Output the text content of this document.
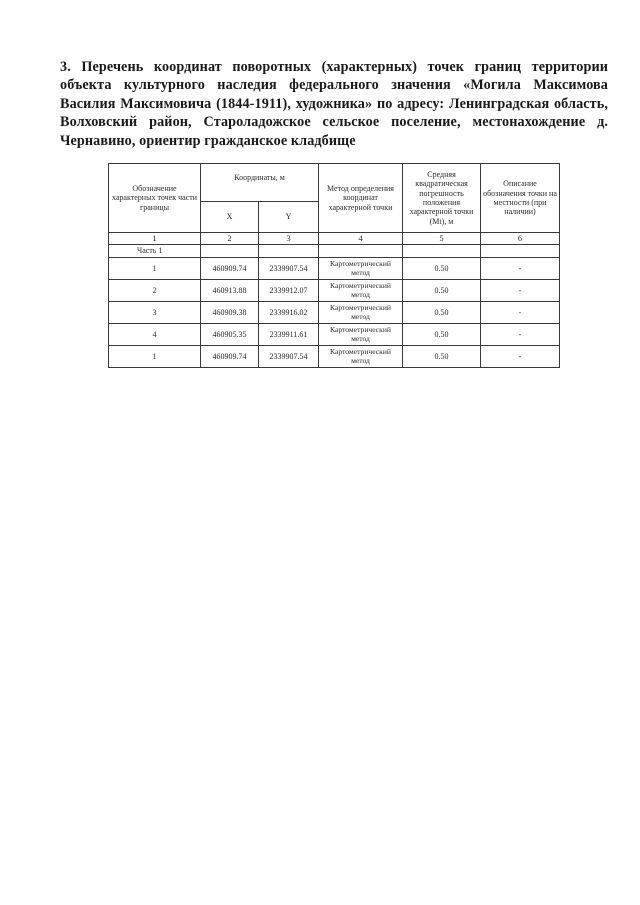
3. Перечень координат поворотных (характерных) точек границ территории объекта культурного наследия федерального значения «Могила Максимова Василия Максимовича (1844-1911), художника» по адресу: Ленинградская область, Волховский район, Староладожское сельское поселение, местонахождение д. Чернавино, ориентир гражданское кладбище
Обозначение характерных точек части границы	Координаты, м		Метод определения координат характерной точки	Средняя квадратическая погрешность положения характерной точки (Mt), м	Описание обозначения точки на местности (при наличии)
	X	Y			
1	2	3	4	5	6
Часть 1					
1	460909.74	2339907.54	Картометрический метод	0.50	-
2	460913.88	2339912.07	Картометрический метод	0.50	-
3	460909.38	2339916.02	Картометрический метод	0.50	-
4	460905.35	2339911.61	Картометрический метод	0.50	-
1	460909.74	2339907.54	Картометрический метод	0.50	-
